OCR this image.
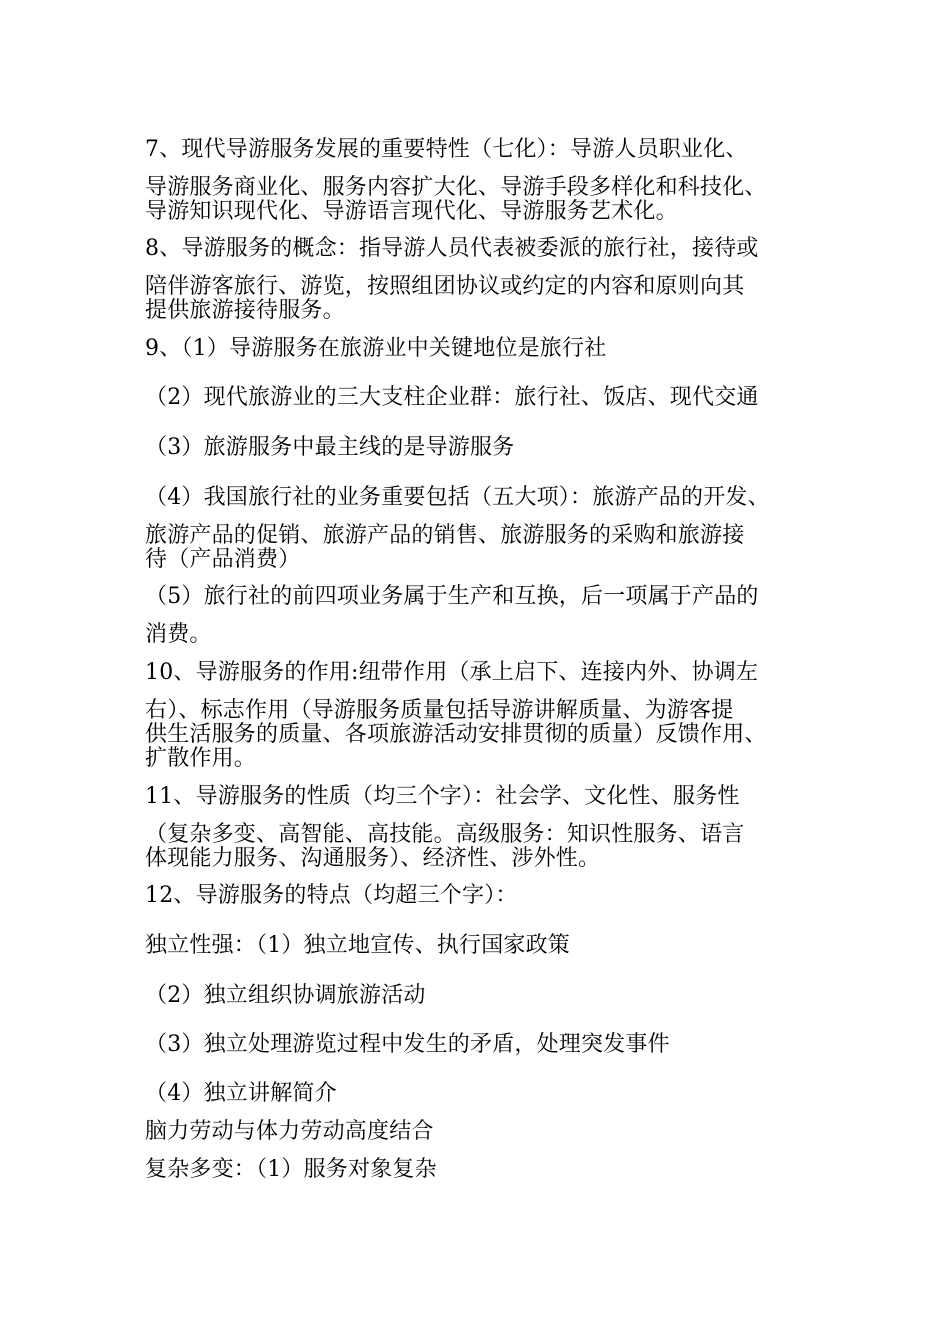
7、现代导游服务发展的重要特性（七化）：导游人员职业化、
导游服务商业化、服务内容扩大化、导游手段多样化和科技化、
导游知识现代化、导游语言现代化、导游服务艺术化。
8、导游服务的概念：指导游人员代表被委派的旅行社，接待或
陪伴游客旅行、游览，按照组团协议或约定的内容和原则向其
提供旅游接待服务。
9、（1）导游服务在旅游业中关键地位是旅行社
（2）现代旅游业的三大支柱企业群：旅行社、饭店、现代交通
（3）旅游服务中最主线的是导游服务
（4）我国旅行社的业务重要包括（五大项）：旅游产品的开发、
旅游产品的促销、旅游产品的销售、旅游服务的采购和旅游接
待（产品消费）
（5）旅行社的前四项业务属于生产和互换，后一项属于产品的
消费。
10、导游服务的作用:纽带作用（承上启下、连接内外、协调左
右）、标志作用（导游服务质量包括导游讲解质量、为游客提
供生活服务的质量、各项旅游活动安排贯彻的质量）反馈作用、
扩散作用。
11、导游服务的性质（均三个字）：社会学、文化性、服务性
（复杂多变、高智能、高技能。高级服务：知识性服务、语言
体现能力服务、沟通服务）、经济性、涉外性。
12、导游服务的特点（均超三个字）：
独立性强：（1）独立地宣传、执行国家政策
（2）独立组织协调旅游活动
（3）独立处理游览过程中发生的矛盾，处理突发事件
（4）独立讲解简介
脑力劳动与体力劳动高度结合
复杂多变：（1）服务对象复杂
